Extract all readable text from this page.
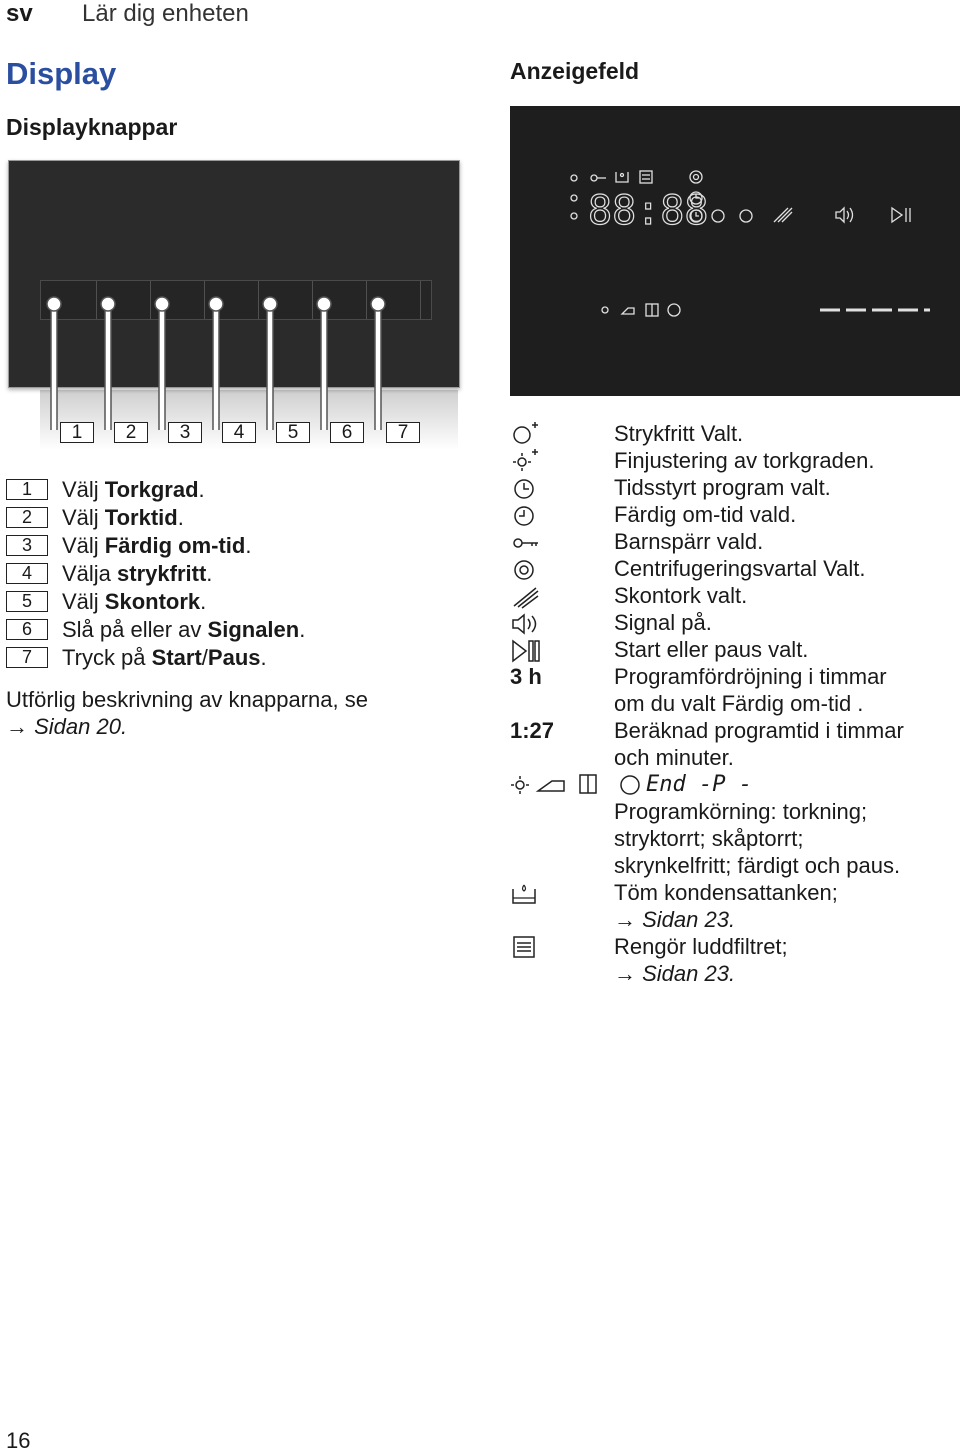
sv Lär dig enheten
Display
Displayknappar
Anzeigefeld
1	2	3	4	5	6	7
88:88
1 Välj Torkgrad.
2 Välj Torktid.
3 Välj Färdig om-tid.
4 Välja strykfritt.
5 Välj Skontork.
6 Slå på eller av Signalen.
7 Tryck på Start/Paus.
Utförlig beskrivning av knapparna, se
→ Sidan 20.
Strykfritt Valt.
Finjustering av torkgraden.
Tidsstyrt program valt.
Färdig om-tid vald.
Barnspärr vald.
Centrifugeringsvartal Valt.
Skontork valt.
Signal på.
Start eller paus valt.
3 h	Programfördröjning i timmar
om du valt Färdig om-tid .
1:27	Beräknad programtid i timmar
och minuter.
End -P -
Programkörning: torkning;
stryktorrt; skåptorrt;
skrynkelfritt; färdigt och paus.
Töm kondensattanken;
→ Sidan 23.
Rengör luddfiltret;
→ Sidan 23.
16
